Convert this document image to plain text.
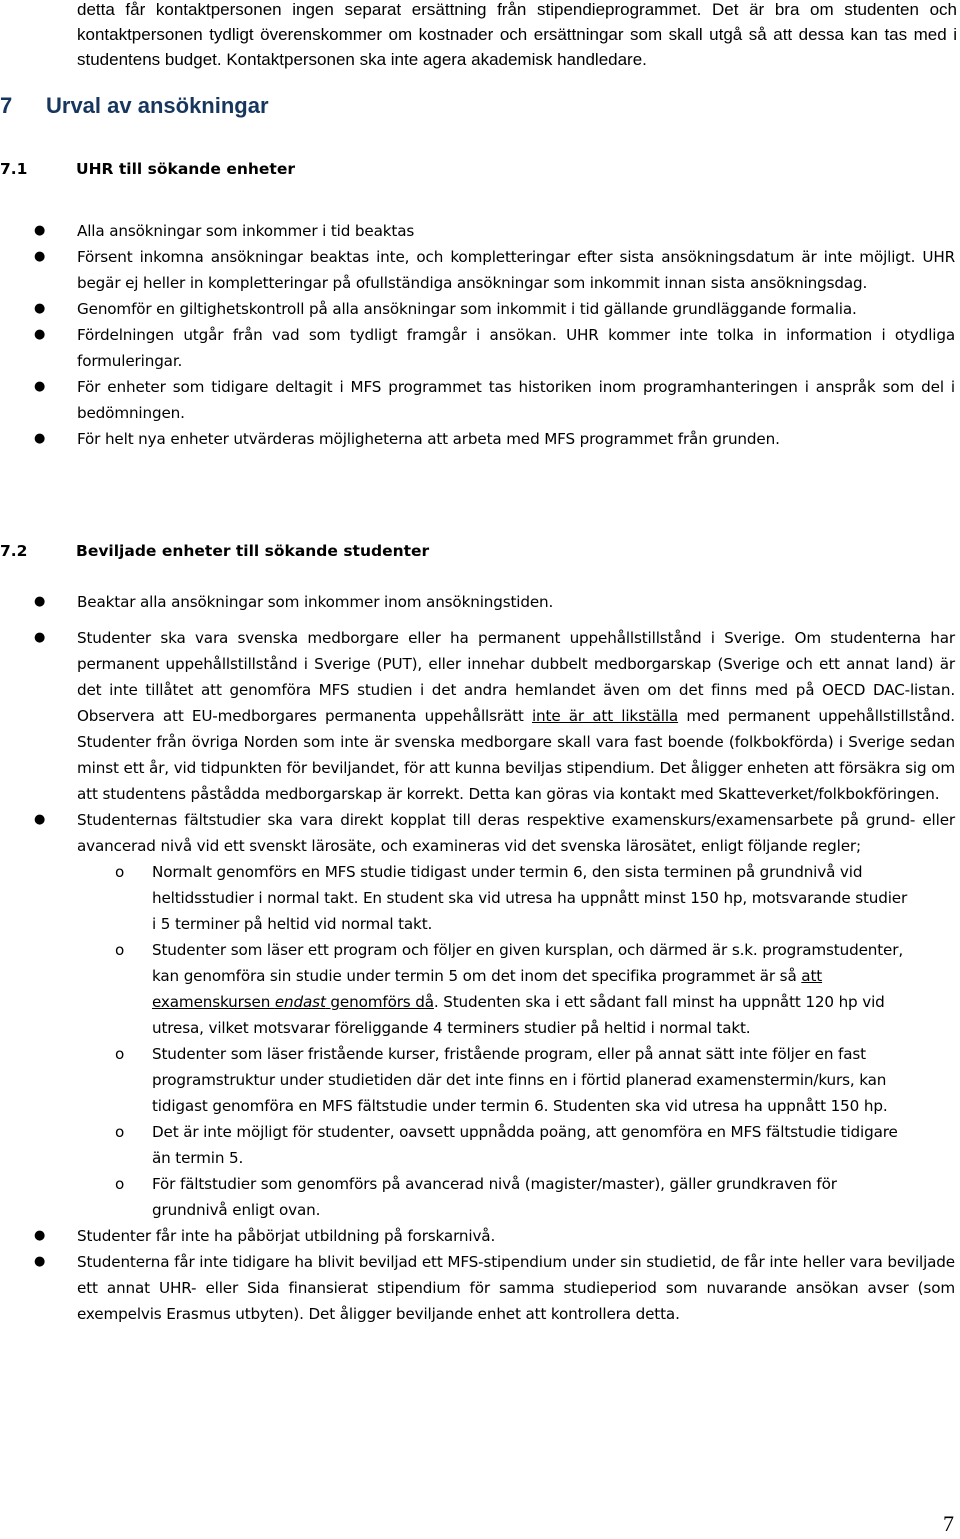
detta får kontaktpersonen ingen separat ersättning från stipendieprogrammet. Det är bra om studenten och kontaktpersonen tydligt överenskommer om kostnader och ersättningar som skall utgå så att dessa kan tas med i studentens budget. Kontaktpersonen ska inte agera akademisk handledare.
7 Urval av ansökningar
7.1	UHR till sökande enheter
● Alla ansökningar som inkommer i tid beaktas
● Försent inkomna ansökningar beaktas inte, och kompletteringar efter sista ansökningsdatum är inte möjligt. UHR begär ej heller in kompletteringar på ofullständiga ansökningar som inkommit innan sista ansökningsdag.
● Genomför en giltighetskontroll på alla ansökningar som inkommit i tid gällande grundläggande formalia.
● Fördelningen utgår från vad som tydligt framgår i ansökan. UHR kommer inte tolka in information i otydliga formuleringar.
● För enheter som tidigare deltagit i MFS programmet tas historiken inom programhanteringen i anspråk som del i bedömningen.
● För helt nya enheter utvärderas möjligheterna att arbeta med MFS programmet från grunden.
7.2	Beviljade enheter till sökande studenter
● Beaktar alla ansökningar som inkommer inom ansökningstiden.
● Studenter ska vara svenska medborgare eller ha permanent uppehållstillstånd i Sverige. Om studenterna har permanent uppehållstillstånd i Sverige (PUT), eller innehar dubbelt medborgarskap (Sverige och ett annat land) är det inte tillåtet att genomföra MFS studien i det andra hemlandet även om det finns med på OECD DAC-listan. Observera att EU-medborgares permanenta uppehållsrätt inte är att likställa med permanent uppehållstillstånd. Studenter från övriga Norden som inte är svenska medborgare skall vara fast boende (folkbokförda) i Sverige sedan minst ett år, vid tidpunkten för beviljandet, för att kunna beviljas stipendium. Det åligger enheten att försäkra sig om att studentens påstådda medborgarskap är korrekt. Detta kan göras via kontakt med Skatteverket/folkbokföringen.
● Studenternas fältstudier ska vara direkt kopplat till deras respektive examenskurs/examensarbete på grund- eller avancerad nivå vid ett svenskt lärosäte, och examineras vid det svenska lärosätet, enligt följande regler;
o Normalt genomförs en MFS studie tidigast under termin 6, den sista terminen på grundnivå vid heltidsstudier i normal takt. En student ska vid utresa ha uppnått minst 150 hp, motsvarande studier i 5 terminer på heltid vid normal takt.
o Studenter som läser ett program och följer en given kursplan, och därmed är s.k. programstudenter, kan genomföra sin studie under termin 5 om det inom det specifika programmet är så att examenskursen endast genomförs då. Studenten ska i ett sådant fall minst ha uppnått 120 hp vid utresa, vilket motsvarar föreliggande 4 terminers studier på heltid i normal takt.
o Studenter som läser fristående kurser, fristående program, eller på annat sätt inte följer en fast programstruktur under studietiden där det inte finns en i förtid planerad examenstermin/kurs, kan tidigast genomföra en MFS fältstudie under termin 6. Studenten ska vid utresa ha uppnått 150 hp.
o Det är inte möjligt för studenter, oavsett uppnådda poäng, att genomföra en MFS fältstudie tidigare än termin 5.
o För fältstudier som genomförs på avancerad nivå (magister/master), gäller grundkraven för grundnivå enligt ovan.
● Studenter får inte ha påbörjat utbildning på forskarnivå.
● Studenterna får inte tidigare ha blivit beviljad ett MFS-stipendium under sin studietid, de får inte heller vara beviljade ett annat UHR- eller Sida finansierat stipendium för samma studieperiod som nuvarande ansökan avser (som exempelvis Erasmus utbyten). Det åligger beviljande enhet att kontrollera detta.
7
